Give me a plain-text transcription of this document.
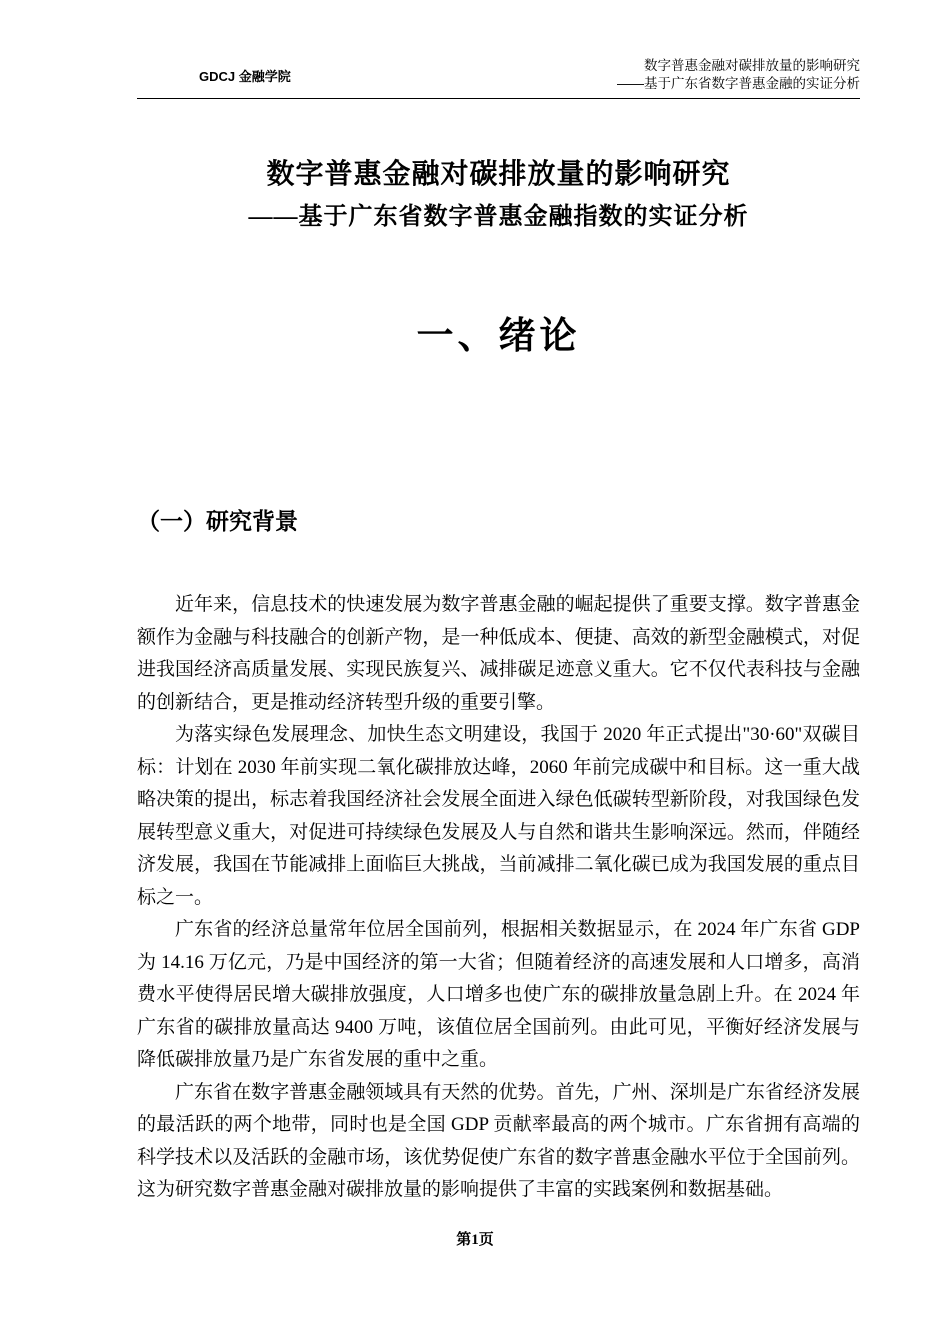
GDCJ 金融学院
数字普惠金融对碳排放量的影响研究
——基于广东省数字普惠金融的实证分析
数字普惠金融对碳排放量的影响研究
——基于广东省数字普惠金融指数的实证分析
一、绪论
（一）研究背景

近年来，信息技术的快速发展为数字普惠金融的崛起提供了重要支撑。数字普惠金额作为金融与科技融合的创新产物，是一种低成本、便捷、高效的新型金融模式，对促进我国经济高质量发展、实现民族复兴、减排碳足迹意义重大。它不仅代表科技与金融的创新结合，更是推动经济转型升级的重要引擎。

为落实绿色发展理念、加快生态文明建设，我国于 2020 年正式提出"30·60"双碳目标：计划在 2030 年前实现二氧化碳排放达峰，2060 年前完成碳中和目标。这一重大战略决策的提出，标志着我国经济社会发展全面进入绿色低碳转型新阶段，对我国绿色发展转型意义重大，对促进可持续绿色发展及人与自然和谐共生影响深远。然而，伴随经济发展，我国在节能减排上面临巨大挑战，当前减排二氧化碳已成为我国发展的重点目标之一。

广东省的经济总量常年位居全国前列，根据相关数据显示，在 2024 年广东省 GDP 为 14.16 万亿元，乃是中国经济的第一大省；但随着经济的高速发展和人口增多，高消费水平使得居民增大碳排放强度，人口增多也使广东的碳排放量急剧上升。在 2024 年广东省的碳排放量高达 9400 万吨，该值位居全国前列。由此可见，平衡好经济发展与降低碳排放量乃是广东省发展的重中之重。

广东省在数字普惠金融领域具有天然的优势。首先，广州、深圳是广东省经济发展的最活跃的两个地带，同时也是全国 GDP 贡献率最高的两个城市。广东省拥有高端的科学技术以及活跃的金融市场，该优势促使广东省的数字普惠金融水平位于全国前列。这为研究数字普惠金融对碳排放量的影响提供了丰富的实践案例和数据基础。

第1页
